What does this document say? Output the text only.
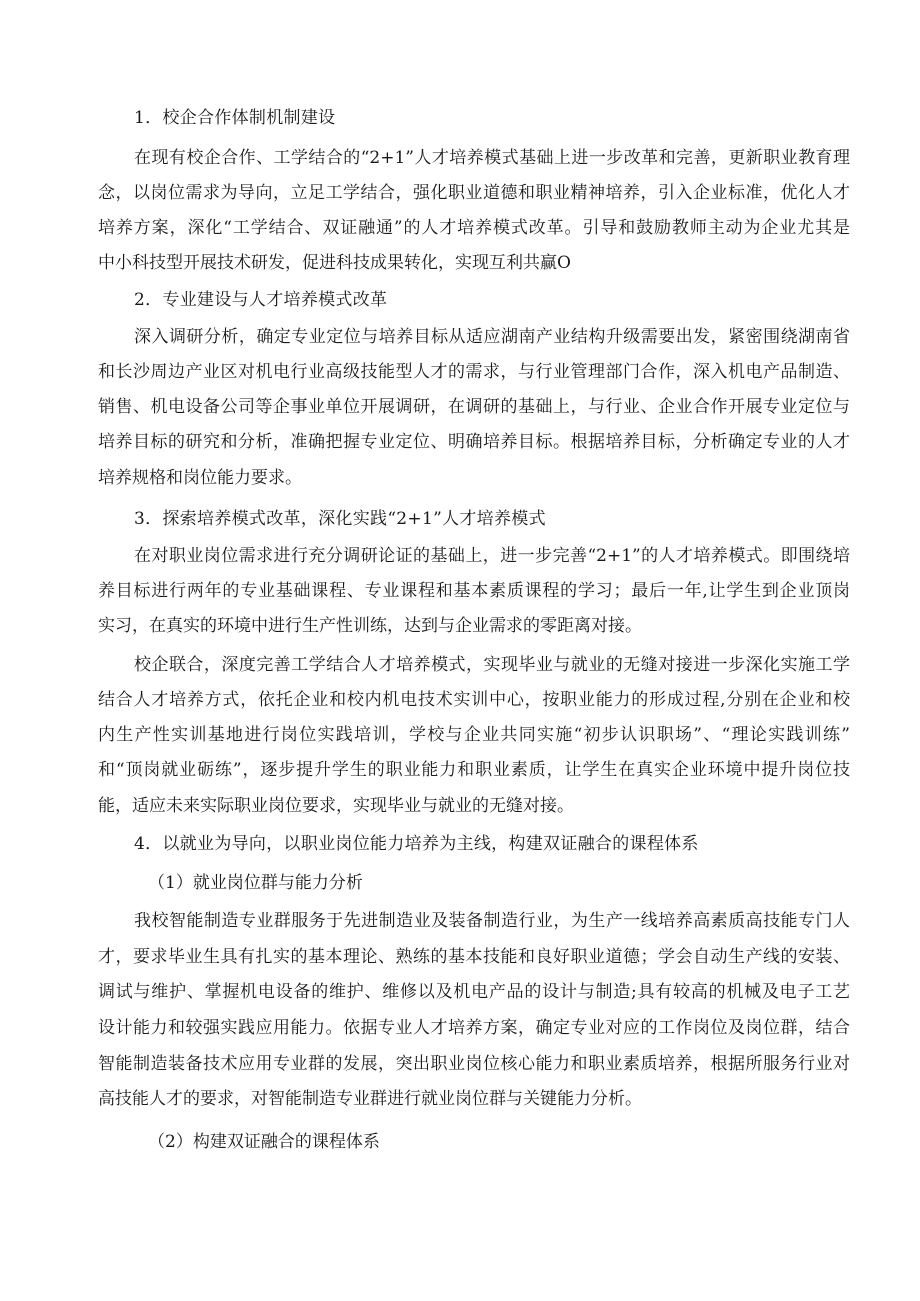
1．校企合作体制机制建设
在现有校企合作、工学结合的“2+1”人才培养模式基础上进一步改革和完善，更新职业教育理
念，以岗位需求为导向，立足工学结合，强化职业道德和职业精神培养，引入企业标准，优化人才
培养方案，深化“工学结合、双证融通”的人才培养模式改革。引导和鼓励教师主动为企业尤其是
中小科技型开展技术研发，促进科技成果转化，实现互利共赢O
2．专业建设与人才培养模式改革
深入调研分析，确定专业定位与培养目标从适应湖南产业结构升级需要出发，紧密围绕湖南省
和长沙周边产业区对机电行业高级技能型人才的需求，与行业管理部门合作，深入机电产品制造、
销售、机电设备公司等企事业单位开展调研，在调研的基础上，与行业、企业合作开展专业定位与
培养目标的研究和分析，准确把握专业定位、明确培养目标。根据培养目标，分析确定专业的人才
培养规格和岗位能力要求。
3．探索培养模式改革，深化实践“2+1”人才培养模式
在对职业岗位需求进行充分调研论证的基础上，进一步完善“2+1”的人才培养模式。即围绕培
养目标进行两年的专业基础课程、专业课程和基本素质课程的学习；最后一年,让学生到企业顶岗
实习，在真实的环境中进行生产性训练，达到与企业需求的零距离对接。
校企联合，深度完善工学结合人才培养模式，实现毕业与就业的无缝对接进一步深化实施工学
结合人才培养方式，依托企业和校内机电技术实训中心，按职业能力的形成过程,分别在企业和校
内生产性实训基地进行岗位实践培训，学校与企业共同实施“初步认识职场”、“理论实践训练”
和“顶岗就业砺练”，逐步提升学生的职业能力和职业素质，让学生在真实企业环境中提升岗位技
能，适应未来实际职业岗位要求，实现毕业与就业的无缝对接。
4．以就业为导向，以职业岗位能力培养为主线，构建双证融合的课程体系
（1）就业岗位群与能力分析
我校智能制造专业群服务于先进制造业及装备制造行业，为生产一线培养高素质高技能专门人
才，要求毕业生具有扎实的基本理论、熟练的基本技能和良好职业道德；学会自动生产线的安装、
调试与维护、掌握机电设备的维护、维修以及机电产品的设计与制造;具有较高的机械及电子工艺
设计能力和较强实践应用能力。依据专业人才培养方案，确定专业对应的工作岗位及岗位群，结合
智能制造装备技术应用专业群的发展，突出职业岗位核心能力和职业素质培养，根据所服务行业对
高技能人才的要求，对智能制造专业群进行就业岗位群与关键能力分析。
（2）构建双证融合的课程体系
